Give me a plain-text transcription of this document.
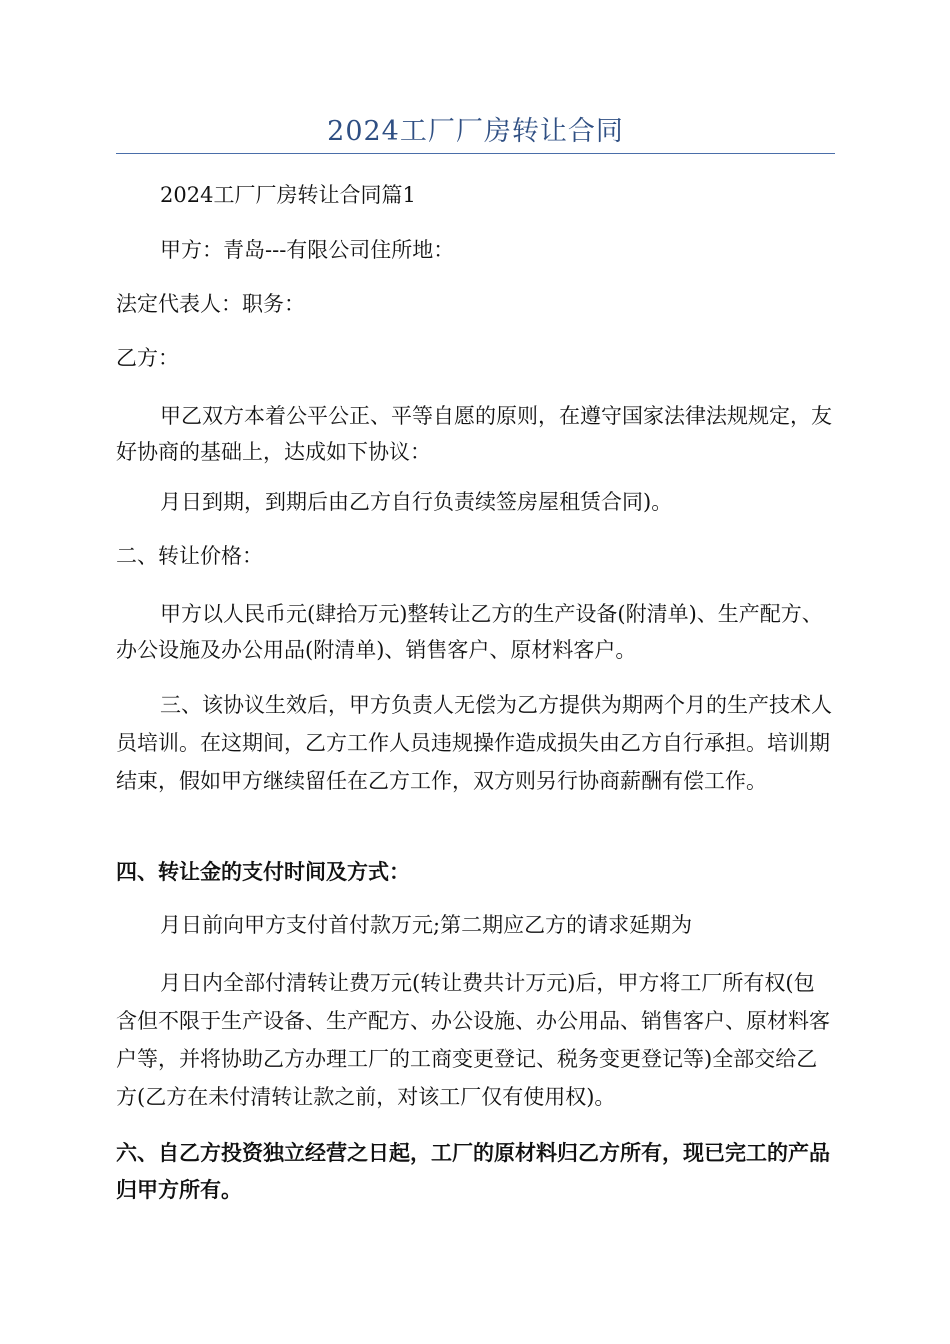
2024工厂厂房转让合同
2024工厂厂房转让合同篇1
甲方：青岛---有限公司住所地：
法定代表人：职务：
乙方：
甲乙双方本着公平公正、平等自愿的原则，在遵守国家法律法规规定，友好协商的基础上，达成如下协议：
月日到期，到期后由乙方自行负责续签房屋租赁合同)。
二、转让价格：
甲方以人民币元(肆拾万元)整转让乙方的生产设备(附清单)、生产配方、办公设施及办公用品(附清单)、销售客户、原材料客户。
三、该协议生效后，甲方负责人无偿为乙方提供为期两个月的生产技术人员培训。在这期间，乙方工作人员违规操作造成损失由乙方自行承担。培训期结束，假如甲方继续留任在乙方工作，双方则另行协商薪酬有偿工作。
四、转让金的支付时间及方式：
月日前向甲方支付首付款万元;第二期应乙方的请求延期为
月日内全部付清转让费万元(转让费共计万元)后，甲方将工厂所有权(包含但不限于生产设备、生产配方、办公设施、办公用品、销售客户、原材料客户等，并将协助乙方办理工厂的工商变更登记、税务变更登记等)全部交给乙方(乙方在未付清转让款之前，对该工厂仅有使用权)。
六、自乙方投资独立经营之日起，工厂的原材料归乙方所有，现已完工的产品归甲方所有。
